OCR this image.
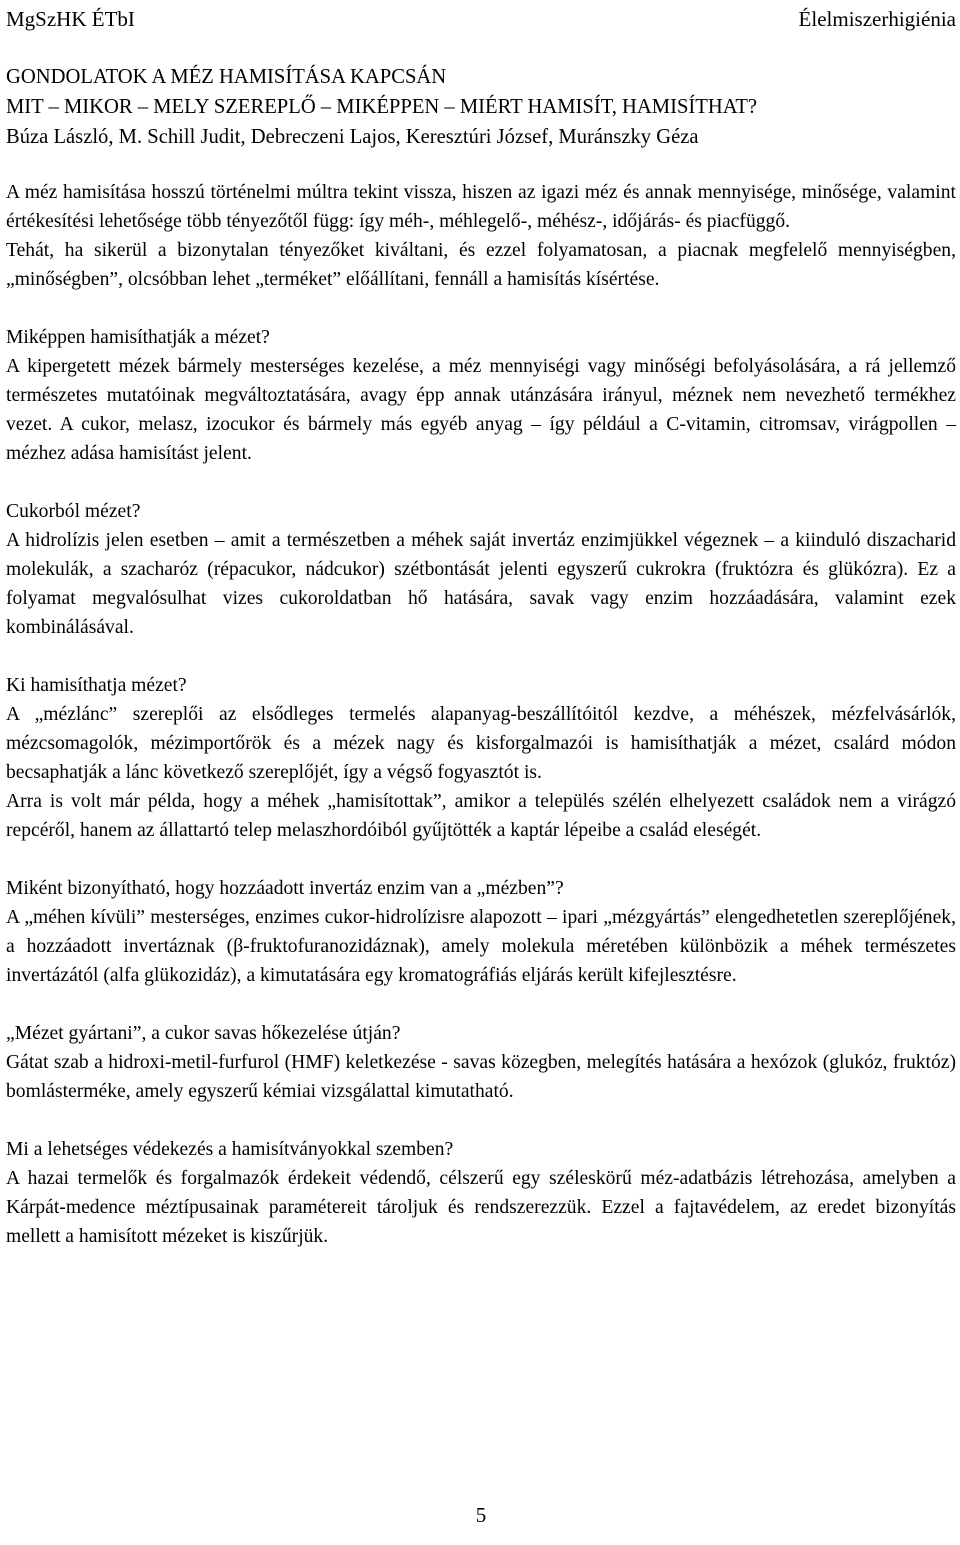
MgSzHK ÉTbI	Élelmiszerhigiénia
GONDOLATOK A MÉZ HAMISÍTÁSA KAPCSÁN
MIT – MIKOR – MELY SZEREPLŐ – MIKÉPPEN – MIÉRT HAMISÍT, HAMISÍTHAT?
Búza László, M. Schill Judit, Debreczeni Lajos, Keresztúri József, Muránszky Géza

A méz hamisítása hosszú történelmi múltra tekint vissza, hiszen az igazi méz és annak mennyisége, minősége, valamint értékesítési lehetősége több tényezőtől függ: így méh-, méhlegelő-, méhész-, időjárás- és piacfüggő.

Tehát, ha sikerül a bizonytalan tényezőket kiváltani, és ezzel folyamatosan, a piacnak megfelelő mennyiségben, „minőségben”, olcsóbban lehet „terméket” előállítani, fennáll a hamisítás kísértése.

Miképpen hamisíthatják a mézet?

A kipergetett mézek bármely mesterséges kezelése, a méz mennyiségi vagy minőségi befolyásolására, a rá jellemző természetes mutatóinak megváltoztatására, avagy épp annak utánzására irányul, méznek nem nevezhető termékhez vezet. A cukor, melasz, izocukor és bármely más egyéb anyag – így például a C-vitamin, citromsav, virágpollen – mézhez adása hamisítást jelent.

Cukorból mézet?

A hidrolízis jelen esetben – amit a természetben a méhek saját invertáz enzimjükkel végeznek – a kiinduló diszacharid molekulák, a szacharóz (répacukor, nádcukor) szétbontását jelenti egyszerű cukrokra (fruktózra és glükózra). Ez a folyamat megvalósulhat vizes cukoroldatban hő hatására, savak vagy enzim hozzáadására, valamint ezek kombinálásával.

Ki hamisíthatja mézet?

A „mézlánc” szereplői az elsődleges termelés alapanyag-beszállítóitól kezdve, a méhészek, mézfelvásárlók, mézcsomagolók, mézimportőrök és a mézek nagy és kisforgalmazói is hamisíthatják a mézet, csalárd módon becsaphatják a lánc következő szereplőjét, így a végső fogyasztót is.

Arra is volt már példa, hogy a méhek „hamisítottak”, amikor a település szélén elhelyezett családok nem a virágzó repcéről, hanem az állattartó telep melaszhordóiból gyűjtötték a kaptár lépeibe a család eleségét.

Miként bizonyítható, hogy hozzáadott invertáz enzim van a „mézben”?

A „méhen kívüli” mesterséges, enzimes cukor-hidrolízisre alapozott – ipari „mézgyártás” elengedhetetlen szereplőjének, a hozzáadott invertáznak (β-fruktofuranozidáznak), amely molekula méretében különbözik a méhek természetes invertázától (alfa glükozidáz), a kimutatására egy kromatográfiás eljárás került kifejlesztésre.

„Mézet gyártani”, a cukor savas hőkezelése útján?

Gátat szab a hidroxi-metil-furfurol (HMF) keletkezése - savas közegben, melegítés hatására a hexózok (glukóz, fruktóz) bomlásterméke, amely egyszerű kémiai vizsgálattal kimutatható.

Mi a lehetséges védekezés a hamisítványokkal szemben?

A hazai termelők és forgalmazók érdekeit védendő, célszerű egy széleskörű méz-adatbázis létrehozása, amelyben a Kárpát-medence méztípusainak paramétereit tároljuk és rendszerezzük. Ezzel a fajtavédelem, az eredet bizonyítás mellett a hamisított mézeket is kiszűrjük.

5
